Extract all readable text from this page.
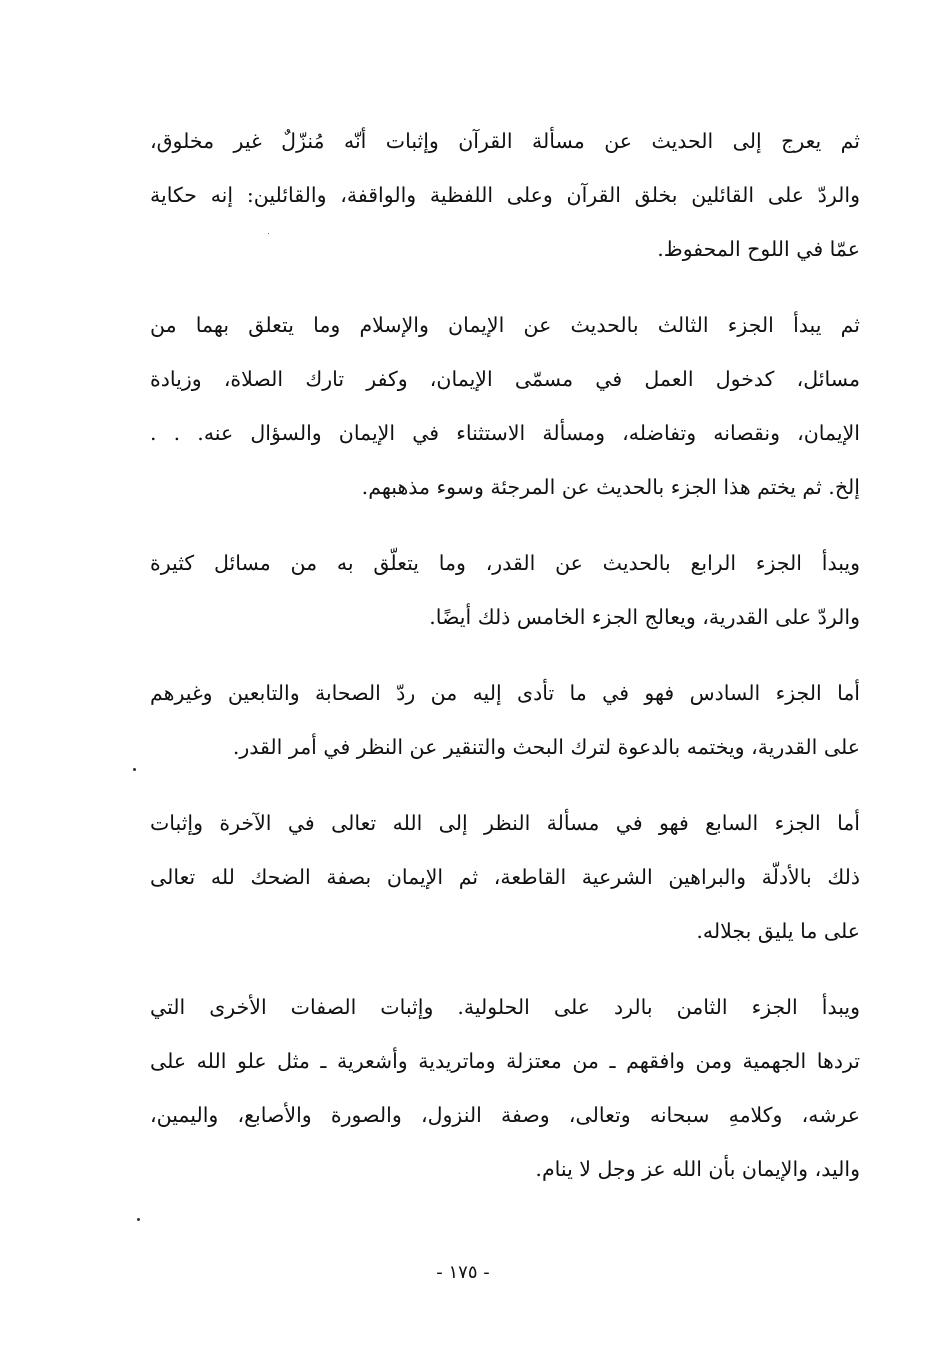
ثم يعرج إلى الحديث عن مسألة القرآن وإثبات أنّه مُنزّلٌ غير مخلوق،
والردّ على القائلين بخلق القرآن وعلى اللفظية والواقفة، والقائلين: إنه حكاية
عمّا في اللوح المحفوظ.
ثم يبدأ الجزء الثالث بالحديث عن الإيمان والإسلام وما يتعلق بهما من
مسائل، كدخول العمل في مسمّى الإيمان، وكفر تارك الصلاة، وزيادة
الإيمان، ونقصانه وتفاضله، ومسألة الاستثناء في الإيمان والسؤال عنه. . .
إلخ. ثم يختم هذا الجزء بالحديث عن المرجئة وسوء مذهبهم.
ويبدأ الجزء الرابع بالحديث عن القدر، وما يتعلّق به من مسائل كثيرة
والردّ على القدرية، ويعالج الجزء الخامس ذلك أيضًا.
أما الجزء السادس فهو في ما تأدى إليه من ردّ الصحابة والتابعين وغيرهم
على القدرية، ويختمه بالدعوة لترك البحث والتنقير عن النظر في أمر القدر.
أما الجزء السابع فهو في مسألة النظر إلى الله تعالى في الآخرة وإثبات
ذلك بالأدلّة والبراهين الشرعية القاطعة، ثم الإيمان بصفة الضحك لله تعالى
على ما يليق بجلاله.
ويبدأ الجزء الثامن بالرد على الحلولية. وإثبات الصفات الأخرى التي
تردها الجهمية ومن وافقهم ـ من معتزلة وماتريدية وأشعرية ـ مثل علو الله على
عرشه، وكلامهِ سبحانه وتعالى، وصفة النزول، والصورة والأصابع، واليمين،
واليد، والإيمان بأن الله عز وجل لا ينام.
- ١٧٥ -
